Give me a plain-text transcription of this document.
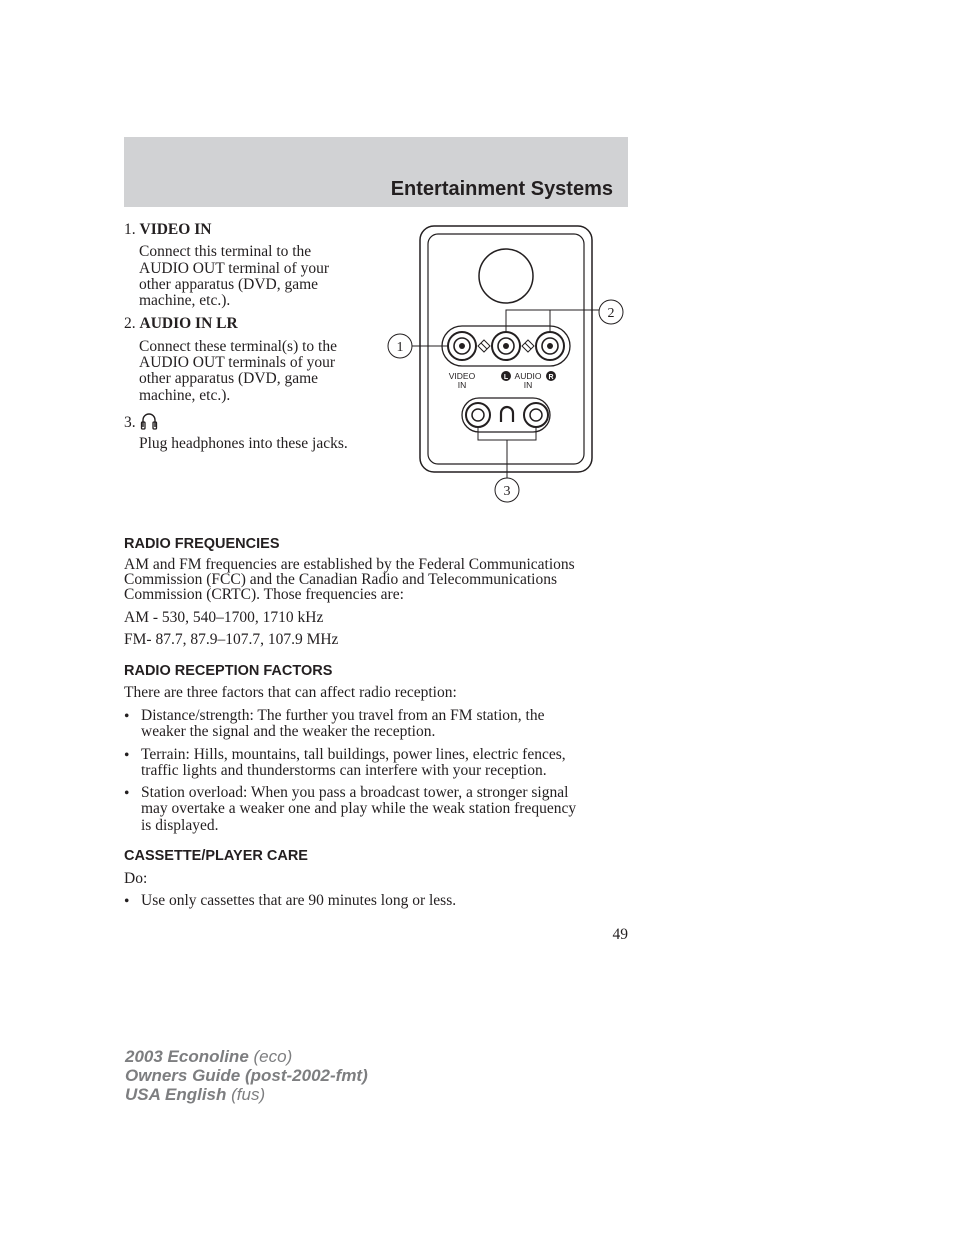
Entertainment Systems
1. VIDEO IN
Connect this terminal to the
AUDIO OUT terminal of your
other apparatus (DVD, game
machine, etc.).
2. AUDIO IN LR
Connect these terminal(s) to the
AUDIO OUT terminals of your
other apparatus (DVD, game
machine, etc.).
3.
Plug headphones into these jacks.
VIDEO
IN
L AUDIO
IN
R
1
2
3
RADIO FREQUENCIES
AM and FM frequencies are established by the Federal Communications
Commission (FCC) and the Canadian Radio and Telecommunications
Commission (CRTC). Those frequencies are:
AM - 530, 540–1700, 1710 kHz
FM- 87.7, 87.9–107.7, 107.9 MHz
RADIO RECEPTION FACTORS
There are three factors that can affect radio reception:
• Distance/strength: The further you travel from an FM station, the
weaker the signal and the weaker the reception.
• Terrain: Hills, mountains, tall buildings, power lines, electric fences,
traffic lights and thunderstorms can interfere with your reception.
• Station overload: When you pass a broadcast tower, a stronger signal
may overtake a weaker one and play while the weak station frequency
is displayed.
CASSETTE/PLAYER CARE
Do:
• Use only cassettes that are 90 minutes long or less.
49
2003 Econoline (eco)
Owners Guide (post-2002-fmt)
USA English (fus)
